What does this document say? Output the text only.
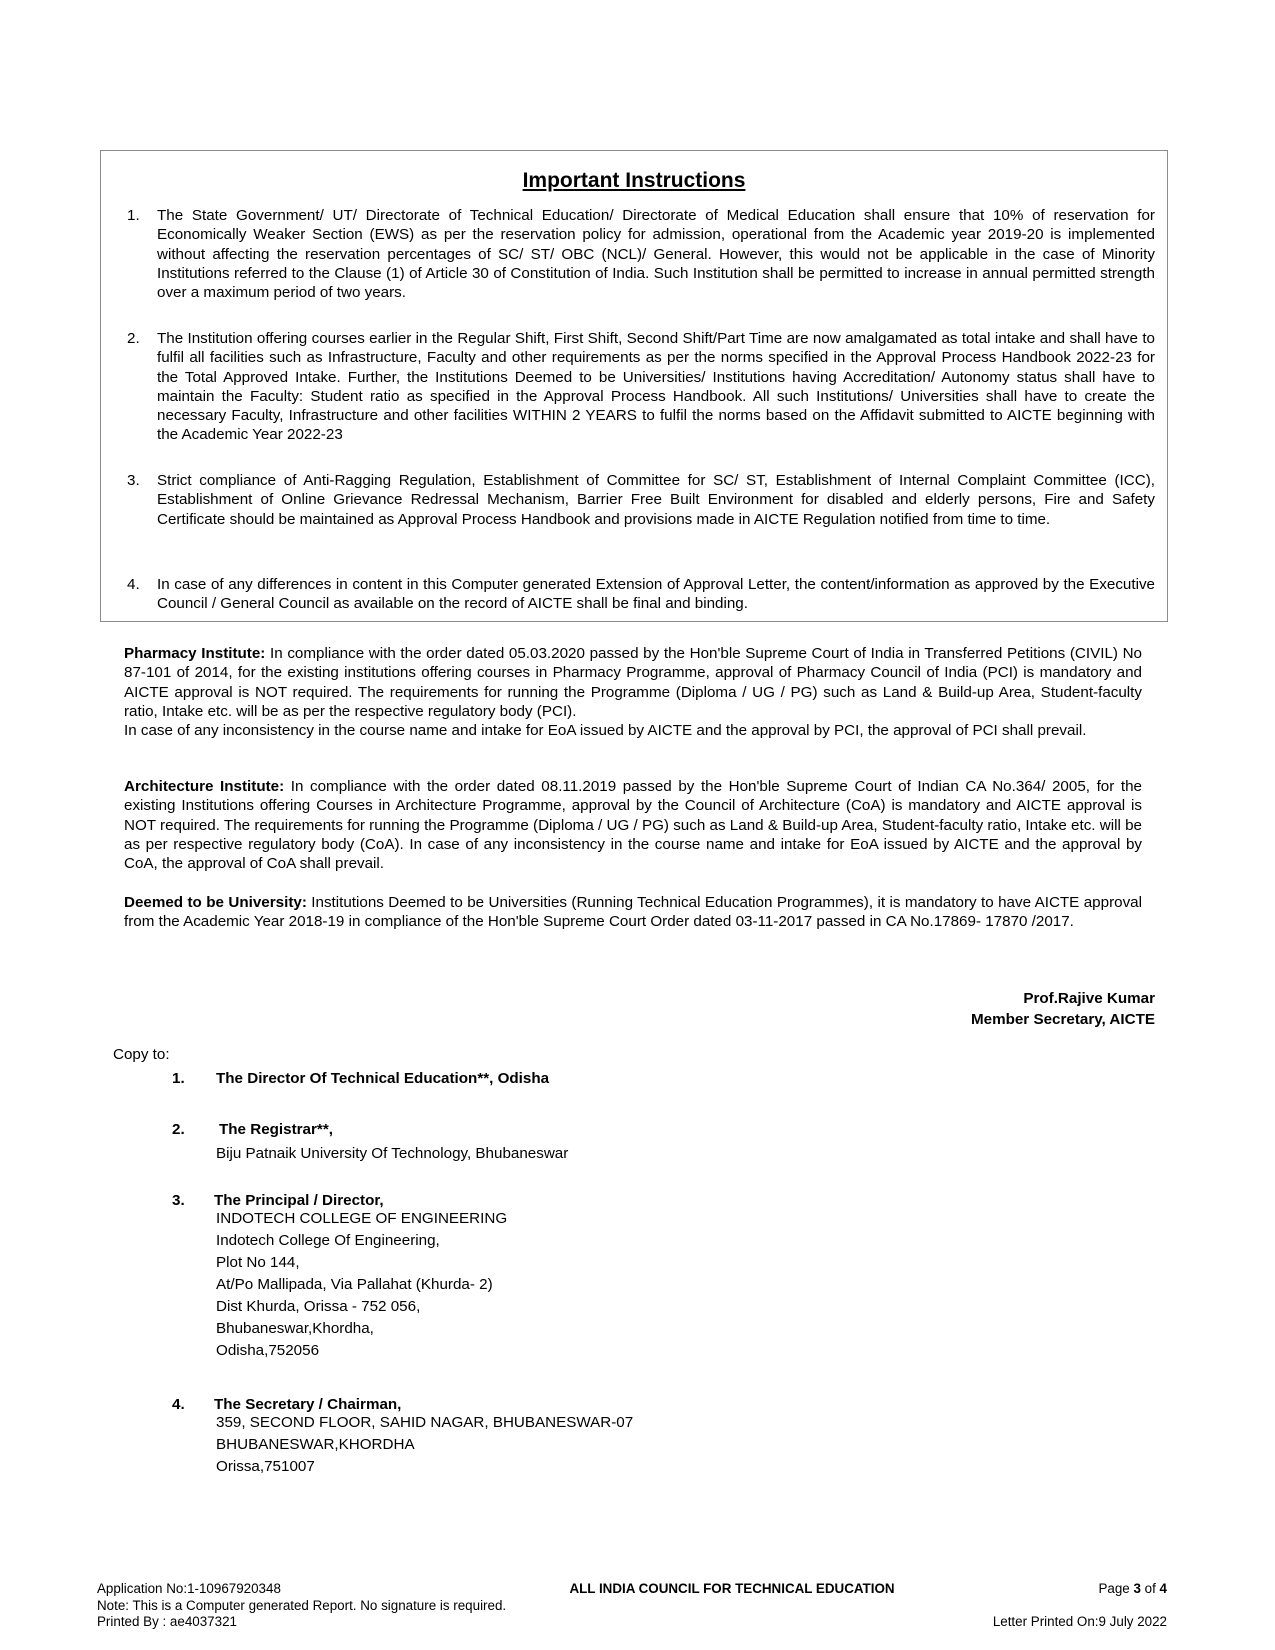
Important Instructions
1.	The State Government/ UT/ Directorate of Technical Education/ Directorate of Medical Education shall ensure that 10% of reservation for Economically Weaker Section (EWS) as per the reservation policy for admission, operational from the Academic year 2019-20 is implemented without affecting the reservation percentages of SC/ ST/ OBC (NCL)/ General. However, this would not be applicable in the case of Minority Institutions referred to the Clause (1) of Article 30 of Constitution of India. Such Institution shall be permitted to increase in annual permitted strength over a maximum period of two years.
2.	The Institution offering courses earlier in the Regular Shift, First Shift, Second Shift/Part Time are now amalgamated as total intake and shall have to fulfil all facilities such as Infrastructure, Faculty and other requirements as per the norms specified in the Approval Process Handbook 2022-23 for the Total Approved Intake. Further, the Institutions Deemed to be Universities/ Institutions having Accreditation/ Autonomy status shall have to maintain the Faculty: Student ratio as specified in the Approval Process Handbook. All such Institutions/ Universities shall have to create the necessary Faculty, Infrastructure and other facilities WITHIN 2 YEARS to fulfil the norms based on the Affidavit submitted to AICTE beginning with the Academic Year 2022-23
3.	Strict compliance of Anti-Ragging Regulation, Establishment of Committee for SC/ ST, Establishment of Internal Complaint Committee (ICC), Establishment of Online Grievance Redressal Mechanism, Barrier Free Built Environment for disabled and elderly persons, Fire and Safety Certificate should be maintained as Approval Process Handbook and provisions made in AICTE Regulation notified from time to time.
4.	In case of any differences in content in this Computer generated Extension of Approval Letter, the content/information as approved by the Executive Council / General Council as available on the record of AICTE shall be final and binding.
Pharmacy Institute: In compliance with the order dated 05.03.2020 passed by the Hon'ble Supreme Court of India in Transferred Petitions (CIVIL) No 87-101 of 2014, for the existing institutions offering courses in Pharmacy Programme, approval of Pharmacy Council of India (PCI) is mandatory and AICTE approval is NOT required. The requirements for running the Programme (Diploma / UG / PG) such as Land & Build-up Area, Student-faculty ratio, Intake etc. will be as per the respective regulatory body (PCI).
In case of any inconsistency in the course name and intake for EoA issued by AICTE and the approval by PCI, the approval of PCI shall prevail.
Architecture Institute: In compliance with the order dated 08.11.2019 passed by the Hon'ble Supreme Court of Indian CA No.364/ 2005, for the existing Institutions offering Courses in Architecture Programme, approval by the Council of Architecture (CoA) is mandatory and AICTE approval is NOT required. The requirements for running the Programme (Diploma / UG / PG) such as Land & Build-up Area, Student-faculty ratio, Intake etc. will be as per respective regulatory body (CoA). In case of any inconsistency in the course name and intake for EoA issued by AICTE and the approval by CoA, the approval of CoA shall prevail.
Deemed to be University: Institutions Deemed to be Universities (Running Technical Education Programmes), it is mandatory to have AICTE approval from the Academic Year 2018-19 in compliance of the Hon'ble Supreme Court Order dated 03-11-2017 passed in CA No.17869- 17870 /2017.
Prof.Rajive Kumar
Member Secretary, AICTE
Copy to:
1. The Director Of Technical Education**, Odisha
2. The Registrar**,
Biju Patnaik University Of Technology, Bhubaneswar
3. The Principal / Director,
INDOTECH COLLEGE OF ENGINEERING
Indotech College Of Engineering,
Plot No 144,
At/Po Mallipada, Via Pallahat (Khurda- 2)
Dist Khurda, Orissa - 752 056,
Bhubaneswar,Khordha,
Odisha,752056
4. The Secretary / Chairman,
359, SECOND FLOOR, SAHID NAGAR, BHUBANESWAR-07
BHUBANESWAR,KHORDHA
Orissa,751007
Application No:1-10967920348	ALL INDIA COUNCIL FOR TECHNICAL EDUCATION	Page 3 of 4
Note: This is a Computer generated Report. No signature is required.
Printed By : ae4037321	Letter Printed On:9 July 2022
